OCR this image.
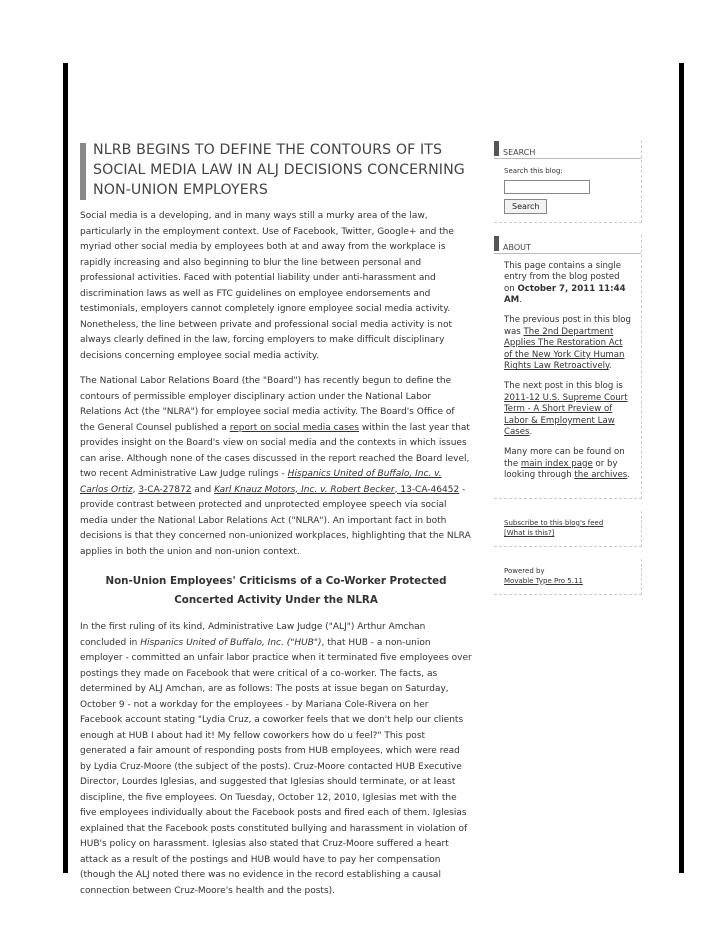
NLRB BEGINS TO DEFINE THE CONTOURS OF ITS SOCIAL MEDIA LAW IN ALJ DECISIONS CONCERNING NON-UNION EMPLOYERS

Social media is a developing, and in many ways still a murky area of the law, particularly in the employment context. Use of Facebook, Twitter, Google+ and the myriad other social media by employees both at and away from the workplace is rapidly increasing and also beginning to blur the line between personal and professional activities. Faced with potential liability under anti-harassment and discrimination laws as well as FTC guidelines on employee endorsements and testimonials, employers cannot completely ignore employee social media activity. Nonetheless, the line between private and professional social media activity is not always clearly defined in the law, forcing employers to make difficult disciplinary decisions concerning employee social media activity.

The National Labor Relations Board (the "Board") has recently begun to define the contours of permissible employer disciplinary action under the National Labor Relations Act (the "NLRA") for employee social media activity. The Board's Office of the General Counsel published a report on social media cases within the last year that provides insight on the Board's view on social media and the contexts in which issues can arise. Although none of the cases discussed in the report reached the Board level, two recent Administrative Law Judge rulings - Hispanics United of Buffalo, Inc. v. Carlos Ortiz, 3-CA-27872 and Karl Knauz Motors, Inc. v. Robert Becker, 13-CA-46452 - provide contrast between protected and unprotected employee speech via social media under the National Labor Relations Act ("NLRA"). An important fact in both decisions is that they concerned non-unionized workplaces, highlighting that the NLRA applies in both the union and non-union context.

Non-Union Employees' Criticisms of a Co-Worker Protected Concerted Activity Under the NLRA

In the first ruling of its kind, Administrative Law Judge ("ALJ") Arthur Amchan concluded in Hispanics United of Buffalo, Inc. ("HUB"), that HUB - a non-union employer - committed an unfair labor practice when it terminated five employees over postings they made on Facebook that were critical of a co-worker. The facts, as determined by ALJ Amchan, are as follows: The posts at issue began on Saturday, October 9 - not a workday for the employees - by Mariana Cole-Rivera on her Facebook account stating "Lydia Cruz, a coworker feels that we don't help our clients enough at HUB I about had it! My fellow coworkers how do u feel?" This post generated a fair amount of responding posts from HUB employees, which were read by Lydia Cruz-Moore (the subject of the posts). Cruz-Moore contacted HUB Executive Director, Lourdes Iglesias, and suggested that Iglesias should terminate, or at least discipline, the five employees. On Tuesday, October 12, 2010, Iglesias met with the five employees individually about the Facebook posts and fired each of them. Iglesias explained that the Facebook posts constituted bullying and harassment in violation of HUB's policy on harassment. Iglesias also stated that Cruz-Moore suffered a heart attack as a result of the postings and HUB would have to pay her compensation (though the ALJ noted there was no evidence in the record establishing a causal connection between Cruz-Moore's health and the posts).

SEARCH
Search this blog:
Search
ABOUT

This page contains a single entry from the blog posted on October 7, 2011 11:44 AM.

The previous post in this blog was The 2nd Department Applies The Restoration Act of the New York City Human Rights Law Retroactively.

The next post in this blog is 2011-12 U.S. Supreme Court Term - A Short Preview of Labor & Employment Law Cases.

Many more can be found on the main index page or by looking through the archives.

Subscribe to this blog's feed
[What is this?]
Powered by
Movable Type Pro 5.11
